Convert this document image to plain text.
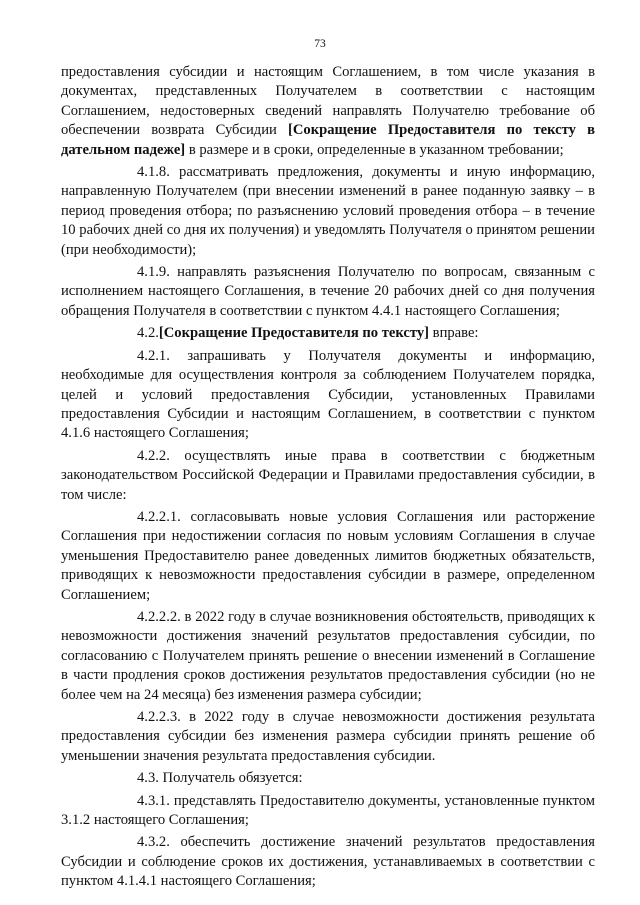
73

предоставления субсидии и настоящим Соглашением, в том числе указания в документах, представленных Получателем в соответствии с настоящим Соглашением, недостоверных сведений направлять Получателю требование об обеспечении возврата Субсидии [Сокращение Предоставителя по тексту в дательном падеже] в размере и в сроки, определенные в указанном требовании;

4.1.8. рассматривать предложения, документы и иную информацию, направленную Получателем (при внесении изменений в ранее поданную заявку – в период проведения отбора; по разъяснению условий проведения отбора – в течение 10 рабочих дней со дня их получения) и уведомлять Получателя о принятом решении (при необходимости);

4.1.9. направлять разъяснения Получателю по вопросам, связанным с исполнением настоящего Соглашения, в течение 20 рабочих дней со дня получения обращения Получателя в соответствии с пунктом 4.4.1 настоящего Соглашения;

4.2.[Сокращение Предоставителя по тексту] вправе:

4.2.1. запрашивать у Получателя документы и информацию, необходимые для осуществления контроля за соблюдением Получателем порядка, целей и условий предоставления Субсидии, установленных Правилами предоставления Субсидии и настоящим Соглашением, в соответствии с пунктом 4.1.6 настоящего Соглашения;

4.2.2. осуществлять иные права в соответствии с бюджетным законодательством Российской Федерации и Правилами предоставления субсидии, в том числе:

4.2.2.1. согласовывать новые условия Соглашения или расторжение Соглашения при недостижении согласия по новым условиям Соглашения в случае уменьшения Предоставителю ранее доведенных лимитов бюджетных обязательств, приводящих к невозможности предоставления субсидии в размере, определенном Соглашением;

4.2.2.2. в 2022 году в случае возникновения обстоятельств, приводящих к невозможности достижения значений результатов предоставления субсидии, по согласованию с Получателем принять решение о внесении изменений в Соглашение в части продления сроков достижения результатов предоставления субсидии (но не более чем на 24 месяца) без изменения размера субсидии;

4.2.2.3. в 2022 году в случае невозможности достижения результата предоставления субсидии без изменения размера субсидии принять решение об уменьшении значения результата предоставления субсидии.

4.3. Получатель обязуется:

4.3.1. представлять Предоставителю документы, установленные пунктом 3.1.2 настоящего Соглашения;

4.3.2. обеспечить достижение значений результатов предоставления Субсидии и соблюдение сроков их достижения, устанавливаемых в соответствии с пунктом 4.1.4.1 настоящего Соглашения;
